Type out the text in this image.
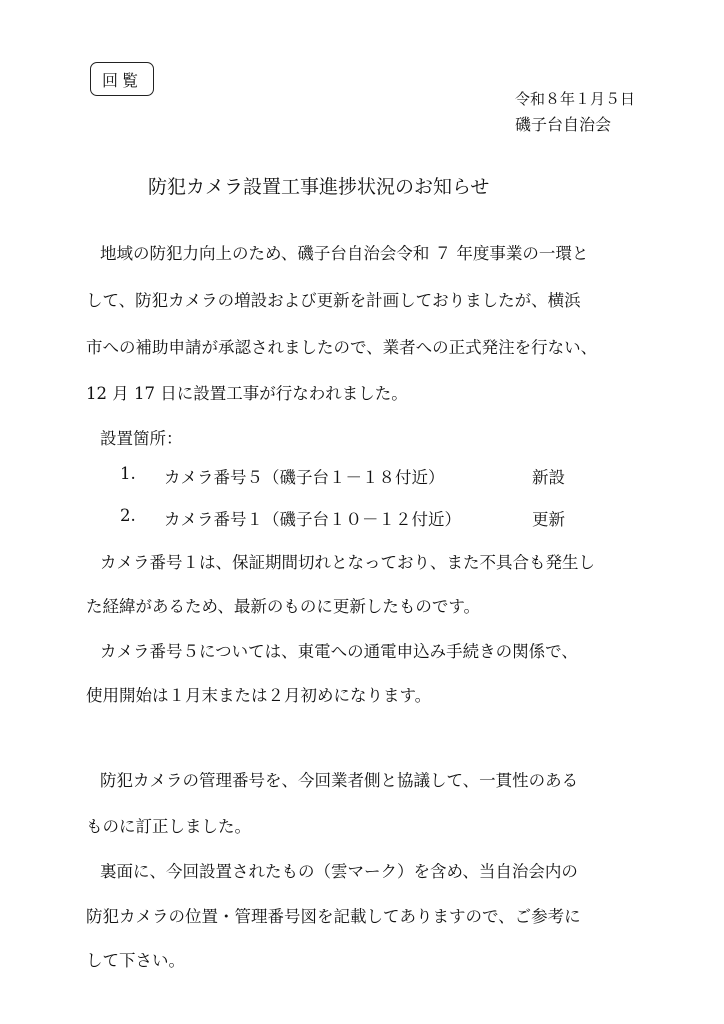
回覧
令和８年１月５日
磯子台自治会
防犯カメラ設置工事進捗状況のお知らせ
地域の防犯力向上のため、磯子台自治会令和 ７ 年度事業の一環と
して、防犯カメラの増設および更新を計画しておりましたが、横浜
市への補助申請が承認されましたので、業者への正式発注を行ない、
12 月 17 日に設置工事が行なわれました。
設置箇所：
1. カメラ番号５（磯子台１－１８付近）	新設
2. カメラ番号１（磯子台１０－１２付近）	更新
カメラ番号１は、保証期間切れとなっており、また不具合も発生し
た経緯があるため、最新のものに更新したものです。
カメラ番号５については、東電への通電申込み手続きの関係で、
使用開始は１月末または２月初めになります。
防犯カメラの管理番号を、今回業者側と協議して、一貫性のある
ものに訂正しました。
裏面に、今回設置されたもの（雲マーク）を含め、当自治会内の
防犯カメラの位置・管理番号図を記載してありますので、ご参考に
して下さい。
